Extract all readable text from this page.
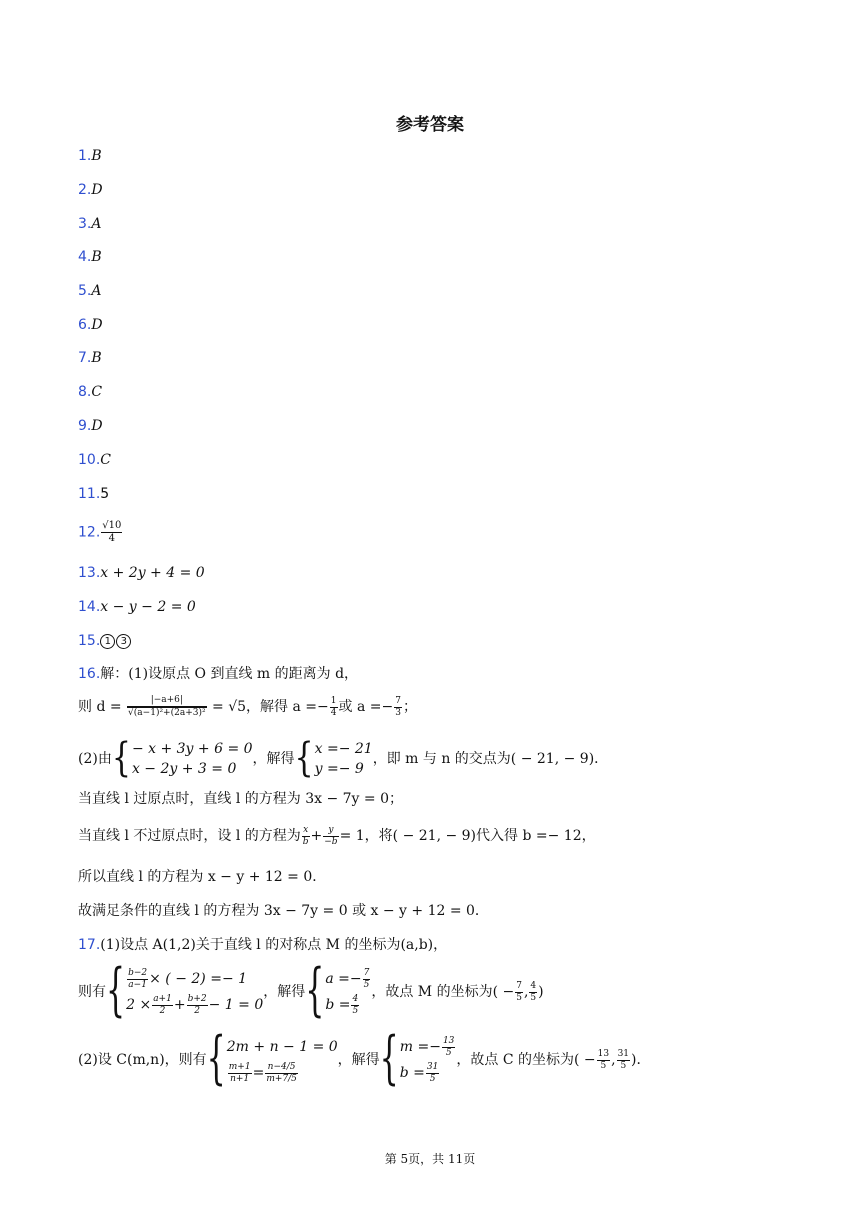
参考答案
1.B
2.D
3.A
4.B
5.A
6.D
7.B
8.C
9.D
10.C
11.5
12. $\frac{√10}{4}$
13.x + 2y + 4 = 0
14.x − y − 2 = 0
15. 1 3
16.解：(1)设原点 O 到直线 m 的距离为 d，
则 $d = \frac{|-a+6|}{\text{√(a−1)²+(2a+3)²}} = √5$，解得 $a =- \frac{1}{4}$ 或 $a =- \frac{7}{3}$ ；
(2)由{ − x + 3y + 6 = 0
x − 2y + 3 = 0
，解得{ x =− 21
y =− 9
，即 m 与 n 的交点为( − 21, − 9)．
当直线 l 过原点时，直线 l 的方程为 3x − 7y = 0；
当直线 l 不过原点时，设 l 的方程为 $\frac{x}{b} + \frac{y}{-b} = 1$，将( − 21, − 9)代入得 b =− 12，
所以直线 l 的方程为 x − y + 12 = 0．
故满足条件的直线 l 的方程为 3x − 7y = 0 或 x − y + 12 = 0．
17.(1)设点 A(1,2)关于直线 l 的对称点 M 的坐标为(a,b)，
则有{ $\frac{b-2}{a-1}$ × ( − 2) =− 1
$2 \times \frac{a+1}{2} + \frac{b+2}{2} - 1 = 0$
，解得{ $a =- \frac{7}{5}$
$b = \frac{4}{5}$
，故点 M 的坐标为( − $\frac{7}{5}$ , $\frac{4}{5}$ )
(2)设 C(m,n)，则有{ 2m + n − 1 = 0
$\frac{m+1}{n+1} = \frac{n-4/5}{m+7/5}$
，解得{ $m =- \frac{13}{5}$
$b = \frac{31}{5}$
，故点 C 的坐标为( − $\frac{13}{5}$ , $\frac{31}{5}$ )．
第 5页，共 11页
